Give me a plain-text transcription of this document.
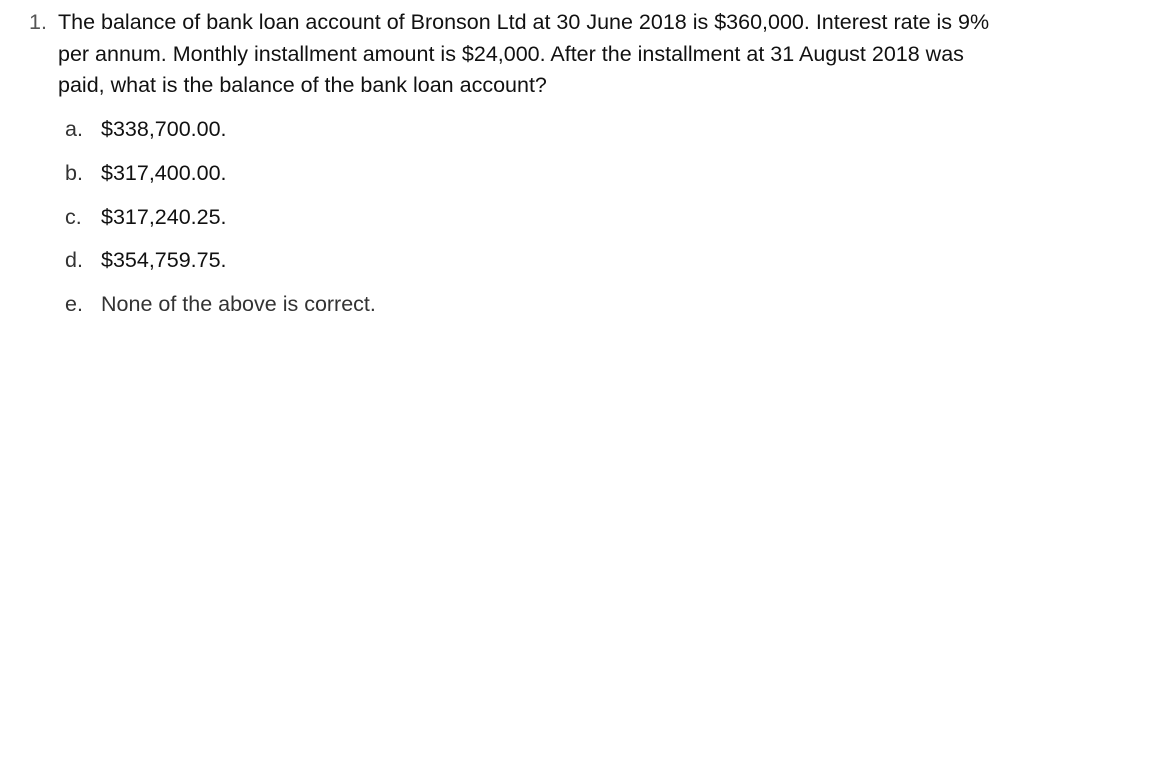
1. The balance of bank loan account of Bronson Ltd at 30 June 2018 is $360,000. Interest rate is 9% per annum. Monthly installment amount is $24,000. After the installment at 31 August 2018 was paid, what is the balance of the bank loan account?
a. $338,700.00.
b. $317,400.00.
c. $317,240.25.
d. $354,759.75.
e. None of the above is correct.
